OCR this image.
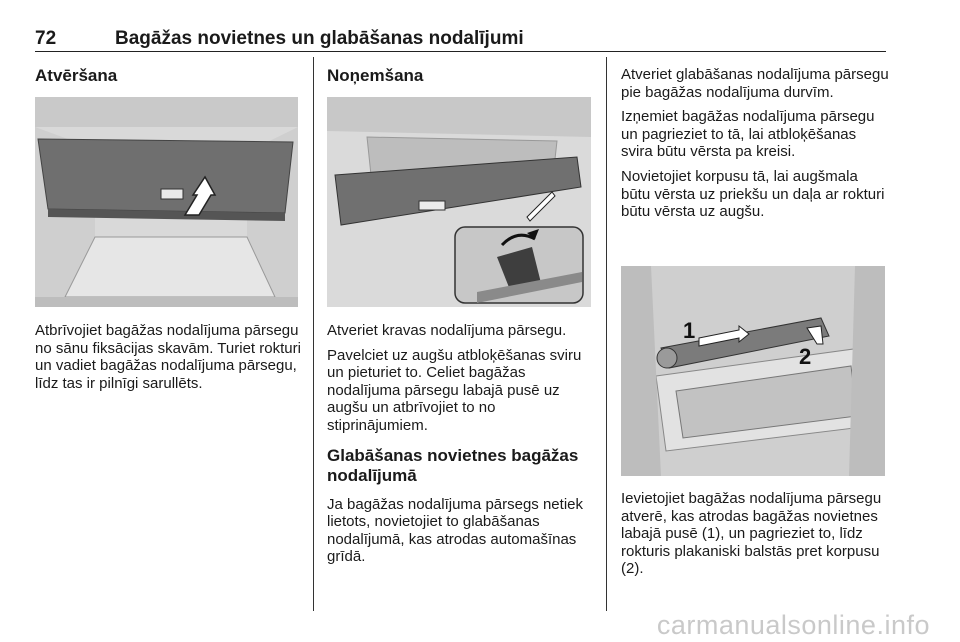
72	Bagāžas novietnes un glabāšanas nodalījumi
Atvēršana

Atbrīvojiet bagāžas nodalījuma pārsegu no sānu fiksācijas skavām. Turiet rokturi un vadiet bagāžas nodalījuma pārsegu, līdz tas ir pilnīgi sarullēts.

Noņemšana

Atveriet kravas nodalījuma pārsegu.

Pavelciet uz augšu atbloķēšanas sviru un pieturiet to. Celiet bagāžas nodalījuma pārsegu labajā pusē uz augšu un atbrīvojiet to no stiprinājumiem.

Glabāšanas novietnes bagāžas nodalījumā

Ja bagāžas nodalījuma pārsegs netiek lietots, novietojiet to glabāšanas nodalījumā, kas atrodas automašīnas grīdā.

Atveriet glabāšanas nodalījuma pārsegu pie bagāžas nodalījuma durvīm.

Izņemiet bagāžas nodalījuma pārsegu un pagrieziet to tā, lai atbloķēšanas svira būtu vērsta pa kreisi.

Novietojiet korpusu tā, lai augšmala būtu vērsta uz priekšu un daļa ar rokturi būtu vērsta uz augšu.

1
2

Ievietojiet bagāžas nodalījuma pārsegu atverē, kas atrodas bagāžas novietnes labajā pusē (1), un pagrieziet to, līdz rokturis plakaniski balstās pret korpusu (2).

carmanualsonline.info
